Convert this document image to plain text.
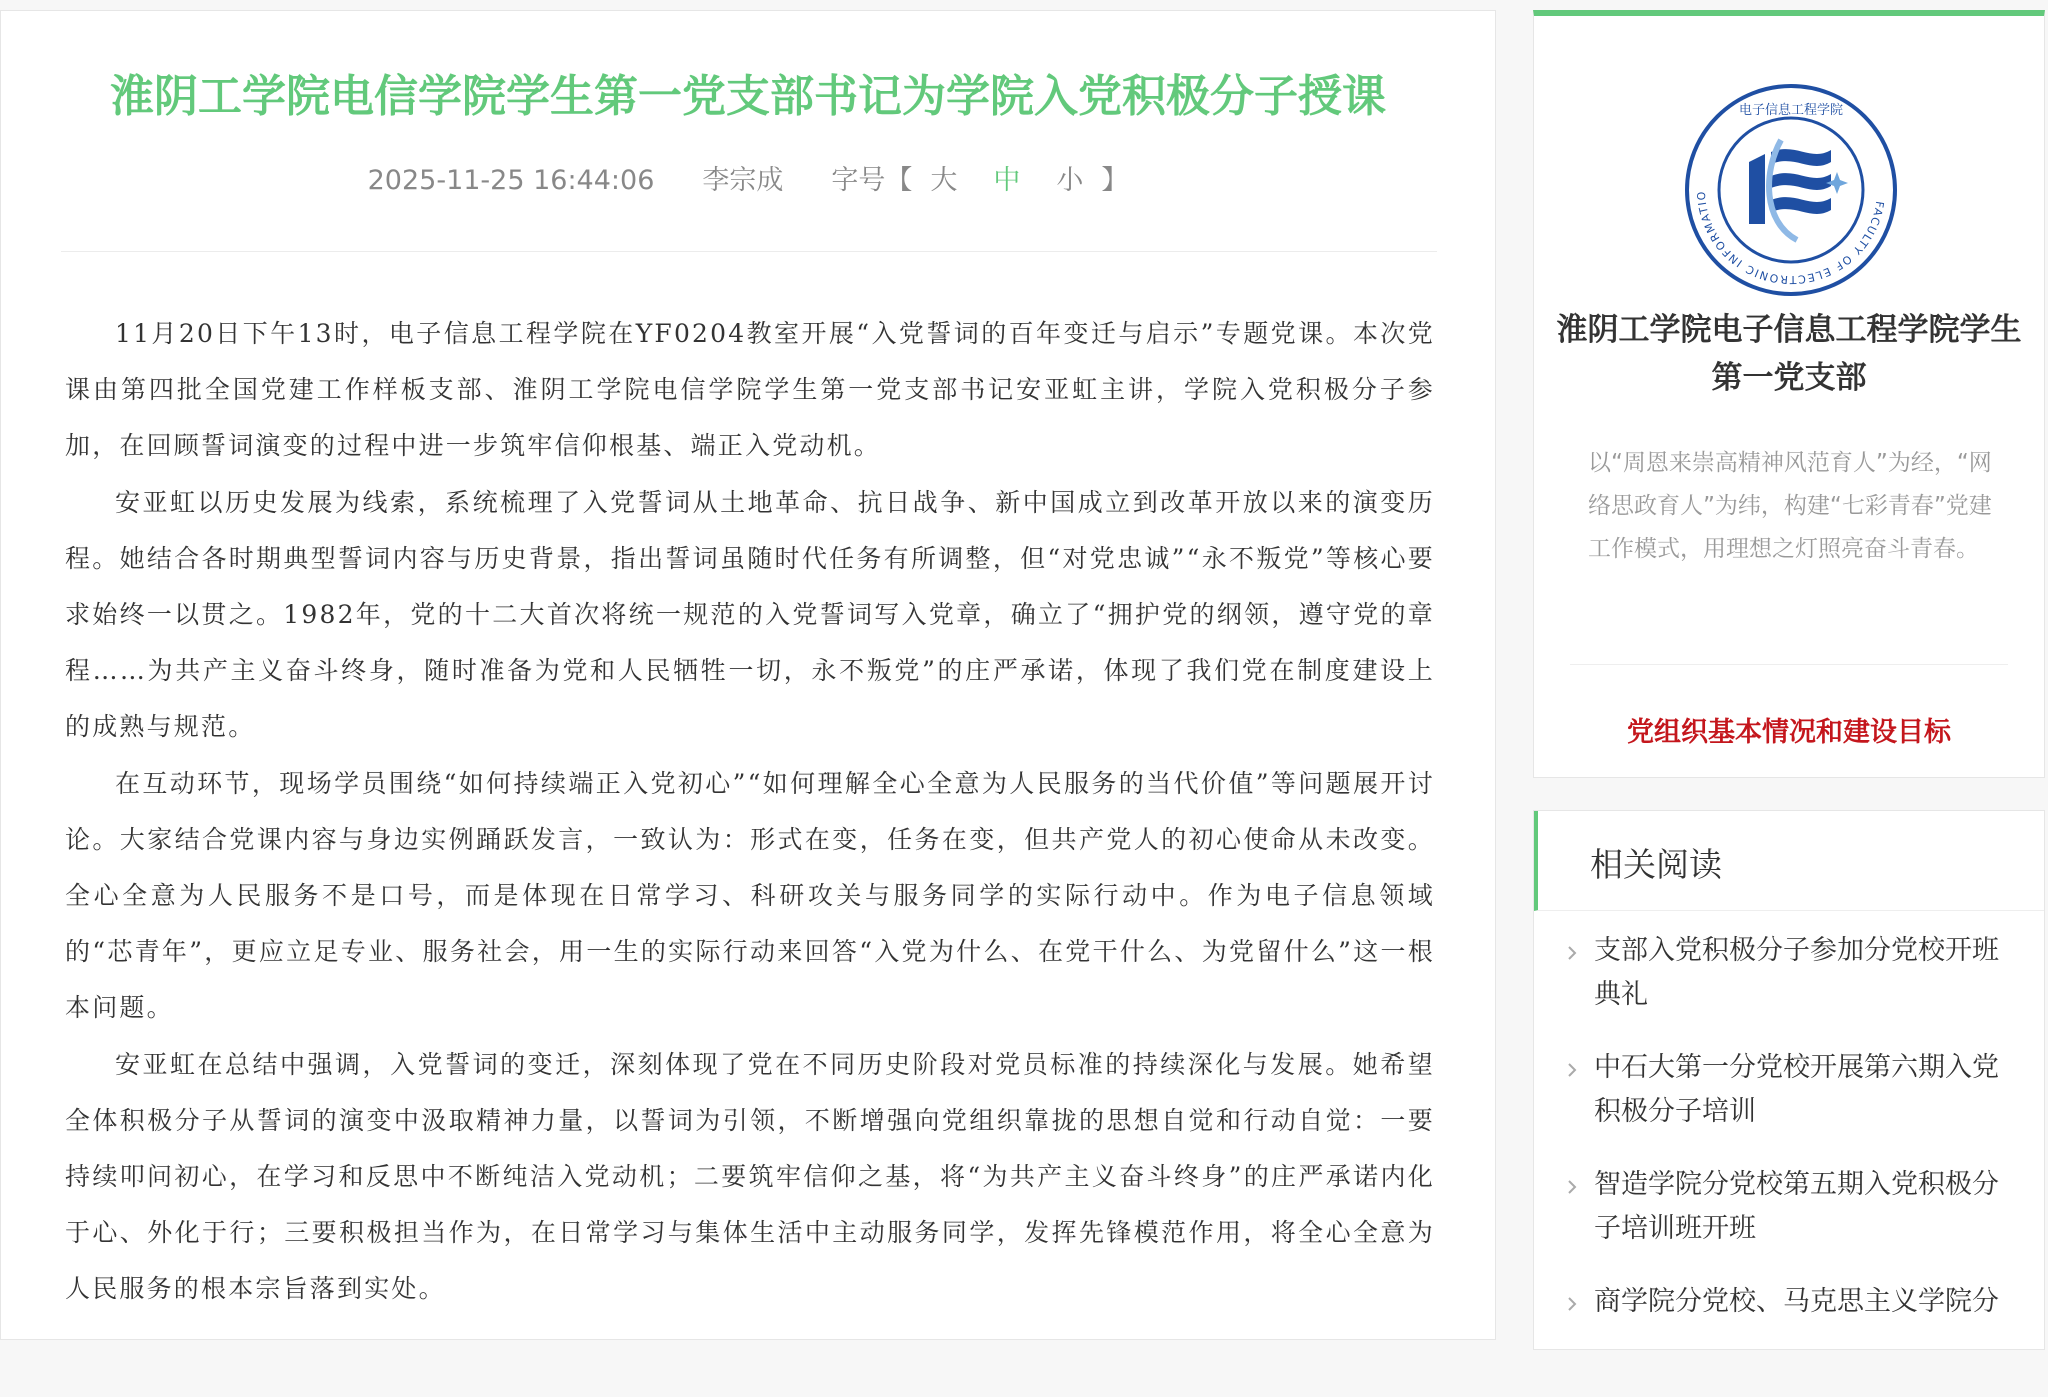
淮阴工学院电信学院学生第一党支部书记为学院入党积极分子授课
2025-11-25 16:44:06 李宗成 字号【 大 中 小 】

11月20日下午13时，电子信息工程学院在YF0204教室开展“入党誓词的百年变迁与启示”专题党课。本次党课由第四批全国党建工作样板支部、淮阴工学院电信学院学生第一党支部书记安亚虹主讲，学院入党积极分子参加，在回顾誓词演变的过程中进一步筑牢信仰根基、端正入党动机。

安亚虹以历史发展为线索，系统梳理了入党誓词从土地革命、抗日战争、新中国成立到改革开放以来的演变历程。她结合各时期典型誓词内容与历史背景，指出誓词虽随时代任务有所调整，但“对党忠诚”“永不叛党”等核心要求始终一以贯之。1982年，党的十二大首次将统一规范的入党誓词写入党章，确立了“拥护党的纲领，遵守党的章程……为共产主义奋斗终身，随时准备为党和人民牺牲一切，永不叛党”的庄严承诺，体现了我们党在制度建设上的成熟与规范。

在互动环节，现场学员围绕“如何持续端正入党初心”“如何理解全心全意为人民服务的当代价值”等问题展开讨论。大家结合党课内容与身边实例踊跃发言，一致认为：形式在变，任务在变，但共产党人的初心使命从未改变。全心全意为人民服务不是口号，而是体现在日常学习、科研攻关与服务同学的实际行动中。作为电子信息领域的“芯青年”，更应立足专业、服务社会，用一生的实际行动来回答“入党为什么、在党干什么、为党留什么”这一根本问题。

安亚虹在总结中强调，入党誓词的变迁，深刻体现了党在不同历史阶段对党员标准的持续深化与发展。她希望全体积极分子从誓词的演变中汲取精神力量，以誓词为引领，不断增强向党组织靠拢的思想自觉和行动自觉：一要持续叩问初心，在学习和反思中不断纯洁入党动机；二要筑牢信仰之基，将“为共产主义奋斗终身”的庄严承诺内化于心、外化于行；三要积极担当作为，在日常学习与集体生活中主动服务同学，发挥先锋模范作用，将全心全意为人民服务的根本宗旨落到实处。

FACULTY OF ELECTRONIC INFORMATIO
电子信息工程学院
淮阴工学院电子信息工程学院学生第一党支部

以“周恩来崇高精神风范育人”为经，“网络思政育人”为纬，构建“七彩青春”党建工作模式，用理想之灯照亮奋斗青春。

党组织基本情况和建设目标
相关阅读
支部入党积极分子参加分党校开班典礼
中石大第一分党校开展第六期入党积极分子培训
智造学院分党校第五期入党积极分子培训班开班
商学院分党校、马克思主义学院分
